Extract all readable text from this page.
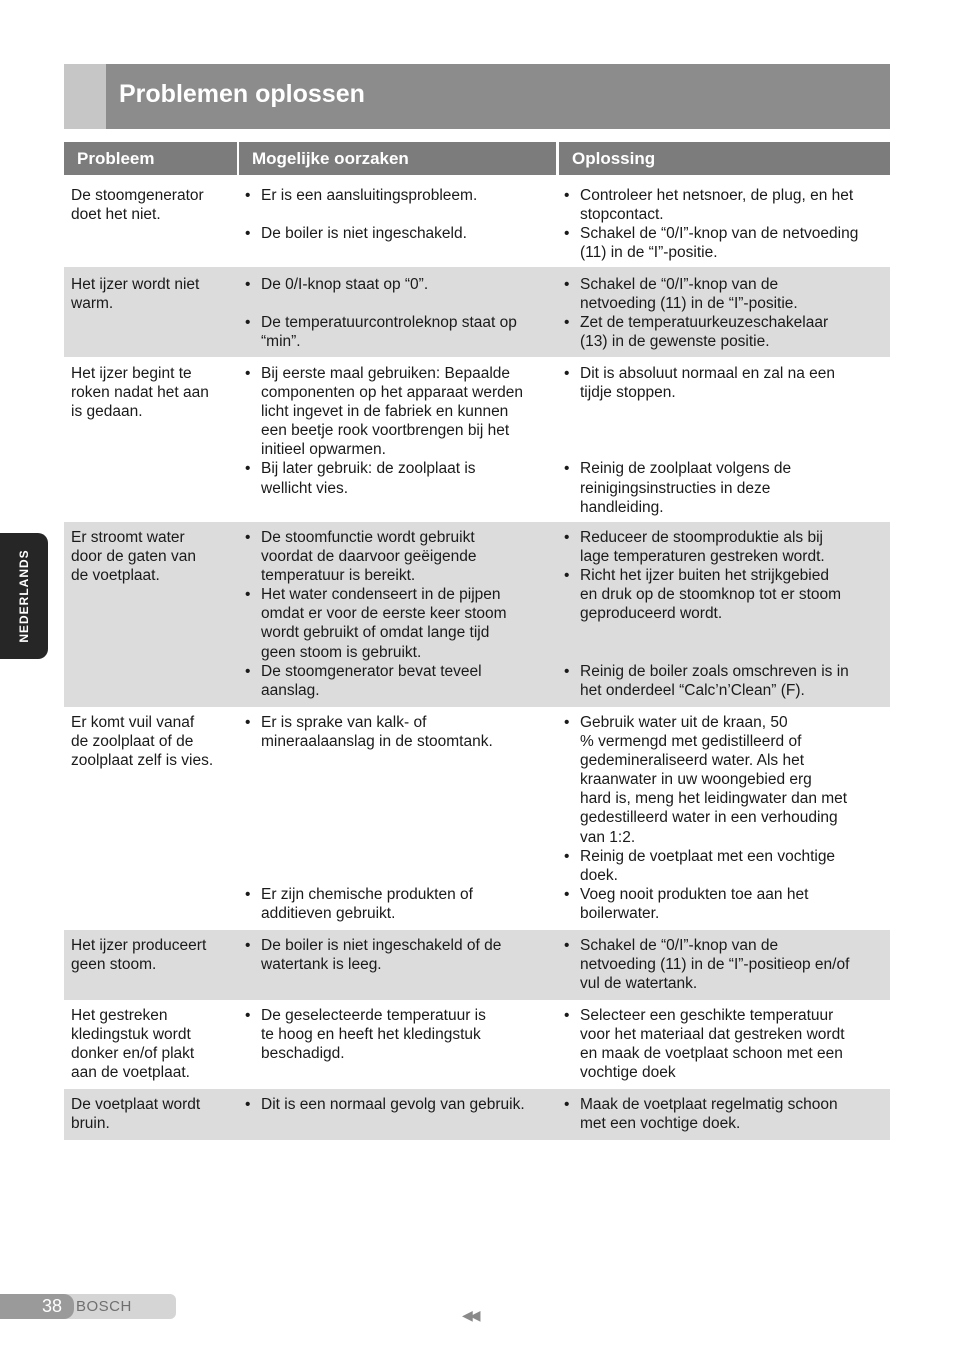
Problemen oplossen
NEDERLANDS
Probleem	Mogelijke oorzaken	Oplossing
De stoomgenerator
doet het niet.
• Er is een aansluitingsprobleem.
• De boiler is niet ingeschakeld.
• Controleer het netsnoer, de plug, en het
stopcontact.
• Schakel de “0/I”-knop van de netvoeding
(11) in de “I”-positie.
Het ijzer wordt niet
warm.
• De 0/I-knop staat op “0”.
• De temperatuurcontroleknop staat op
“min”.
• Schakel de “0/I”-knop van de
netvoeding (11) in de “I”-positie.
• Zet de temperatuurkeuzeschakelaar
(13) in de gewenste positie.
Het ijzer begint te
roken nadat het aan
is gedaan.
• Bij eerste maal gebruiken: Bepaalde
componenten op het apparaat werden
licht ingevet in de fabriek en kunnen
een beetje rook voortbrengen bij het
initieel opwarmen.
• Bij later gebruik: de zoolplaat is
wellicht vies.
• Dit is absoluut normaal en zal na een
tijdje stoppen.
• Reinig de zoolplaat volgens de
reinigingsinstructies in deze
handleiding.
Er stroomt water
door de gaten van
de voetplaat.
• De stoomfunctie wordt gebruikt
voordat de daarvoor geëigende
temperatuur is bereikt.
• Het water condenseert in de pijpen
omdat er voor de eerste keer stoom
wordt gebruikt of omdat lange tijd
geen stoom is gebruikt.
• De stoomgenerator bevat teveel
aanslag.
• Reduceer de stoomproduktie als bij
lage temperaturen gestreken wordt.
• Richt het ijzer buiten het strijkgebied
en druk op de stoomknop tot er stoom
geproduceerd wordt.
• Reinig de boiler zoals omschreven is in
het onderdeel “Calc’n’Clean” (F).
Er komt vuil vanaf
de zoolplaat of de
zoolplaat zelf is vies.
• Er is sprake van kalk- of
mineraalaanslag in de stoomtank.
• Er zijn chemische produkten of
additieven gebruikt.
• Gebruik water uit de kraan, 50
% vermengd met gedistilleerd of
gedemineraliseerd water. Als het
kraanwater in uw woongebied erg
hard is, meng het leidingwater dan met
gedestilleerd water in een verhouding
van 1:2.
• Reinig de voetplaat met een vochtige
doek.
• Voeg nooit produkten toe aan het
boilerwater.
Het ijzer produceert
geen stoom.
• De boiler is niet ingeschakeld of de
watertank is leeg.
• Schakel de “0/I”-knop van de
netvoeding (11) in de “I”-positieop en/of
vul de watertank.
Het gestreken
kledingstuk wordt
donker en/of plakt
aan de voetplaat.
• De geselecteerde temperatuur is
te hoog en heeft het kledingstuk
beschadigd.
• Selecteer een geschikte temperatuur
voor het materiaal dat gestreken wordt
en maak de voetplaat schoon met een
vochtige doek
De voetplaat wordt
bruin.
• Dit is een normaal gevolg van gebruik.
•	Maak de voetplaat regelmatig schoon
met een vochtige doek.
38 BOSCH	◀◀
